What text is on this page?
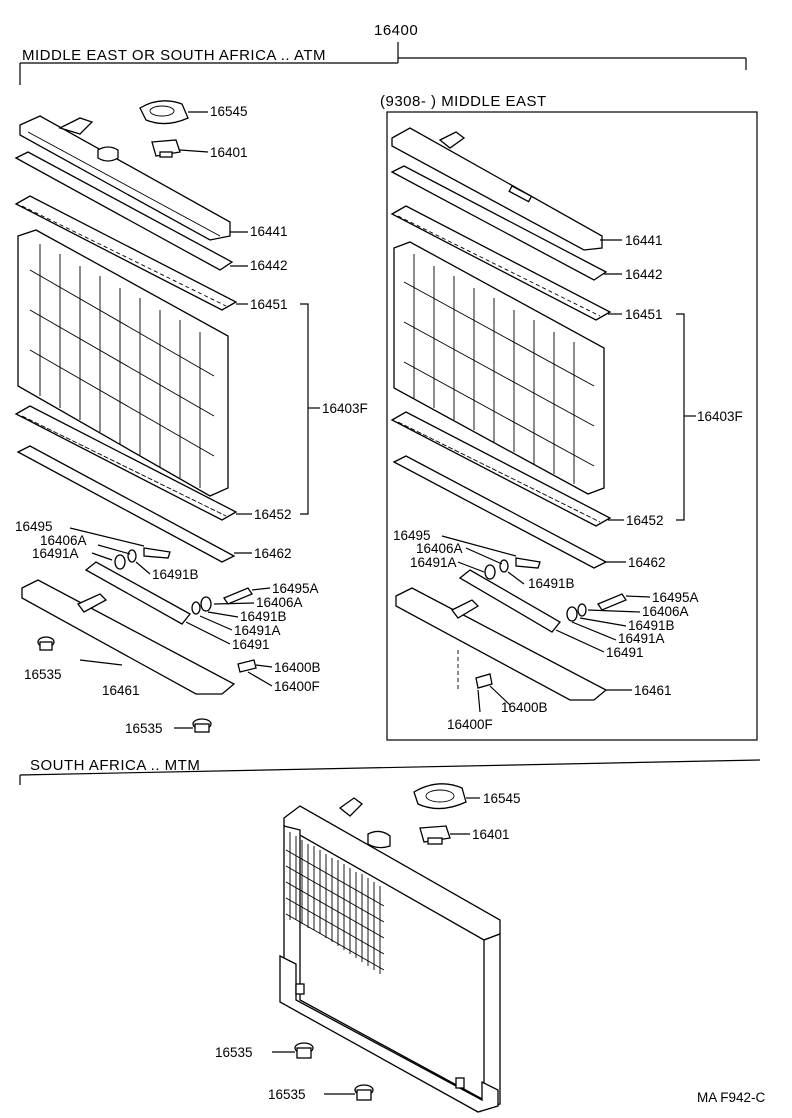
16400
MIDDLE EAST OR SOUTH AFRICA .. ATM
(9308- ) MIDDLE EAST
SOUTH AFRICA .. MTM
16545
16401
16441
16442
16451
16403F
16452
16462
16495
16406A
16491A
16491B
16495A
16406A
16491B
16491A
16491
16535
16461
16400B
16400F
16535
16441
16442
16451
16403F
16452
16495
16406A
16491A	16462
16491B
16495A
16406A
16491B
16491A
16491
16461
16400B
16400F
16545
16401
16535
16535	MA F942-C
